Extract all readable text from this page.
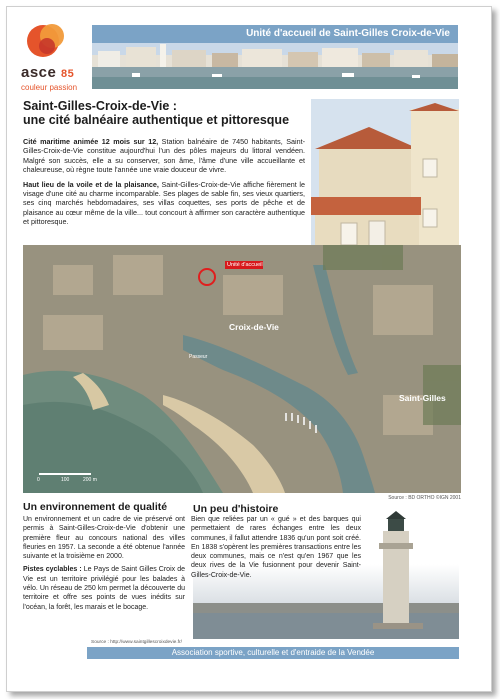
asce 85
couleur passion
Unité d'accueil de Saint-Gilles Croix-de-Vie
Saint-Gilles-Croix-de-Vie :
une cité balnéaire authentique et pittoresque

Cité maritime animée 12 mois sur 12, Station balnéaire de 7450 habitants, Saint-Gilles-Croix-de-Vie constitue aujourd'hui l'un des pôles majeurs du littoral vendéen. Malgré son succès, elle a su conserver, son âme, l'âme d'une ville accueillante et chaleureuse, où règne toute l'année une vraie douceur de vivre.

Haut lieu de la voile et de la plaisance, Saint-Gilles-Croix-de-Vie affiche fièrement le visage d'une cité au charme incomparable. Ses plages de sable fin, ses vieux quartiers, ses cinq marchés hebdomadaires, ses villas coquettes, ses ports de pêche et de plaisance au cœur même de la ville... tout concourt à affirmer son caractère authentique et pittoresque.

Unité d'accueil
Croix-de-Vie
Saint-Gilles
Passeur
0	100	200 m
Source : BD ORTHO ©IGN 2001
Un environnement de qualité

Un environnement et un cadre de vie préservé ont permis à Saint-Gilles-Croix-de-Vie d'obtenir une première fleur au concours national des villes fleuries en 1957. La seconde a été obtenue l'année suivante et la troisième en 2000.

Pistes cyclables : Le Pays de Saint Gilles Croix de Vie est un territoire privilégié pour les balades à vélo. Un réseau de 250 km permet la découverte du territoire et offre ses points de vues inédits sur l'océan, la forêt, les marais et le bocage.

Source : http://www.saintgillescroixdevie.fr/
Un peu d'histoire
Bien que reliées par un « gué » et des barques qui permettaient de rares échanges entre les deux communes, il fallut attendre 1836 qu'un pont soit créé. En 1838 s'opèrent les premières transactions entre les deux communes, mais ce n'est qu'en 1967 que les deux rives de la Vie fusionnent pour devenir Saint-Gilles-Croix-de-Vie.
Association sportive, culturelle et d'entraide de la Vendée
